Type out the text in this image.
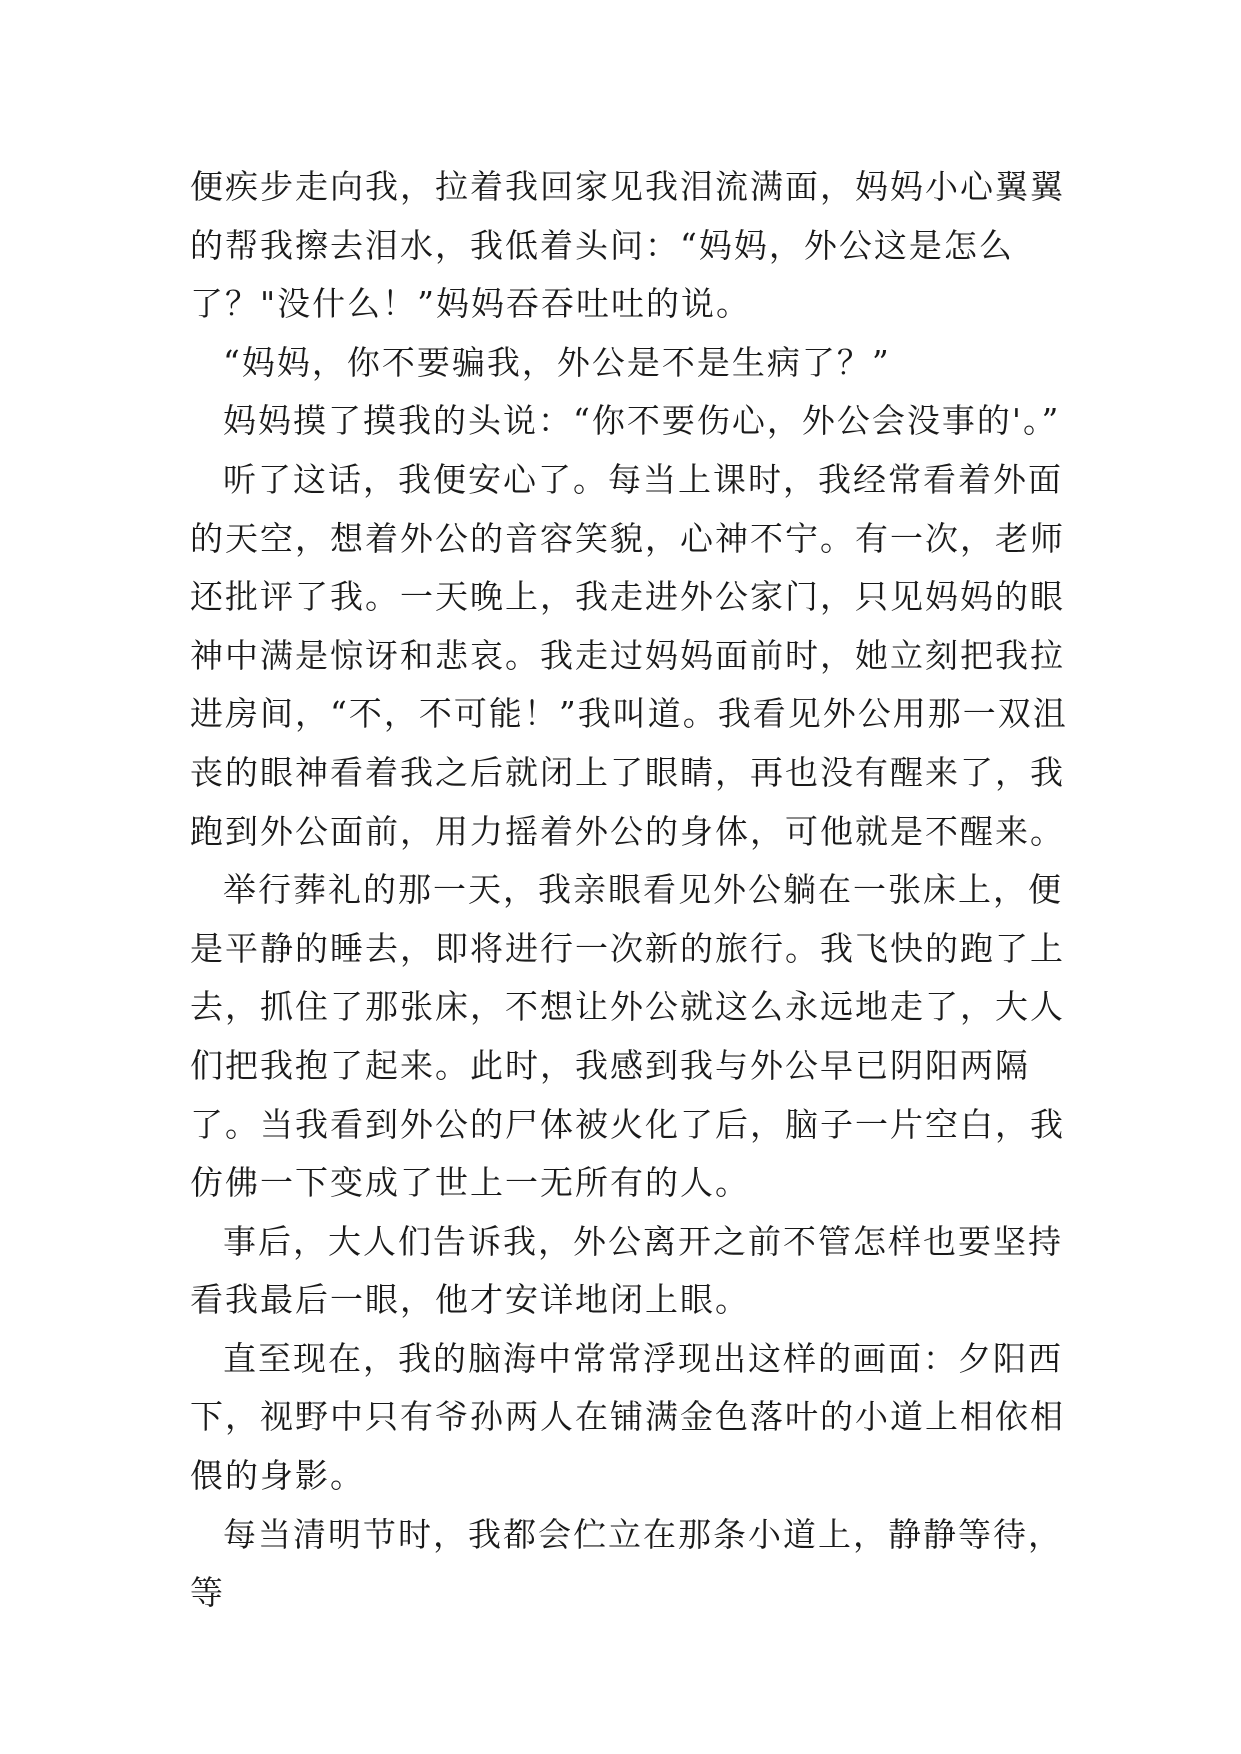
便疾步走向我，拉着我回家见我泪流满面，妈妈小心翼翼的帮我擦去泪水，我低着头问：“妈妈，外公这是怎么了？"没什么！”妈妈吞吞吐吐的说。

“妈妈，你不要骗我，外公是不是生病了？”

妈妈摸了摸我的头说：“你不要伤心，外公会没事的'。”

听了这话，我便安心了。每当上课时，我经常看着外面的天空，想着外公的音容笑貌，心神不宁。有一次，老师还批评了我。一天晚上，我走进外公家门，只见妈妈的眼神中满是惊讶和悲哀。我走过妈妈面前时，她立刻把我拉进房间，“不，不可能！”我叫道。我看见外公用那一双沮丧的眼神看着我之后就闭上了眼睛，再也没有醒来了，我跑到外公面前，用力摇着外公的身体，可他就是不醒来。

举行葬礼的那一天，我亲眼看见外公躺在一张床上，便是平静的睡去，即将进行一次新的旅行。我飞快的跑了上去，抓住了那张床，不想让外公就这么永远地走了，大人们把我抱了起来。此时，我感到我与外公早已阴阳两隔了。当我看到外公的尸体被火化了后，脑子一片空白，我仿佛一下变成了世上一无所有的人。

事后，大人们告诉我，外公离开之前不管怎样也要坚持看我最后一眼，他才安详地闭上眼。

直至现在，我的脑海中常常浮现出这样的画面：夕阳西下，视野中只有爷孙两人在铺满金色落叶的小道上相依相偎的身影。

每当清明节时，我都会伫立在那条小道上，静静等待，等
